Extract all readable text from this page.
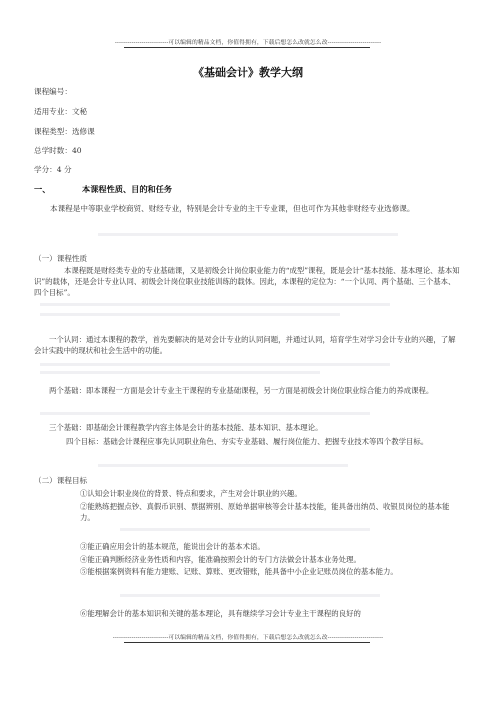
--------------------------可以编辑的精品文档，你值得拥有，下载后想怎么改就怎么改--------------------------
《基础会计》教学大纲
课程编号：
适用专业：文秘
课程类型：选修课
总学时数：40
学分：4 分
一、	本课程性质、目的和任务
本课程是中等职业学校商贸、财经专业，特别是会计专业的主干专业课，但也可作为其他非财经专业选修课。
（一）课程性质
本课程既是财经类专业的专业基础课，又是初级会计岗位职业能力的“成型”课程，既是会计“基本技能、基本理论、基本知识”的载体，还是会计专业认同、初级会计岗位职业技能训练的载体。因此，本课程的定位为：“一个认同、两个基础、三个基本、四个目标”。
一个认同：通过本课程的教学，首先要解决的是对会计专业的认同问题，并通过认同，培育学生对学习会计专业的兴趣，了解会计实践中的现状和社会生活中的功能。
两个基础：即本课程一方面是会计专业主干课程的专业基础课程，另一方面是初级会计岗位职业综合能力的养成课程。
三个基础：即基础会计课程教学内容主体是会计的基本技能、基本知识、基本理论。
四个目标：基础会计课程应事先认同职业角色、夯实专业基础、履行岗位能力、把握专业技术等四个教学目标。
（二）课程目标
①认知会计职业岗位的背景、特点和要求，产生对会计职业的兴趣。
②能熟练把握点钞、真假币识别、票据辨别、原始单据审核等会计基本技能，能具备出纳员、收银员岗位的基本能力。
③能正确应用会计的基本规范，能说出会计的基本术语。
④能正确判断经济业务性质和内容，能准确按照会计的专门方法做会计基本业务处理。
⑤能根据案例资料有能力建账、记账、算账、更改错账，能具备中小企业记账员岗位的基本能力。
⑥能理解会计的基本知识和关键的基本理论，具有继续学习会计专业主干课程的良好的
---------------------------可以编辑的精品文档，你值得拥有，下载后想怎么改就怎么改---------------------------
